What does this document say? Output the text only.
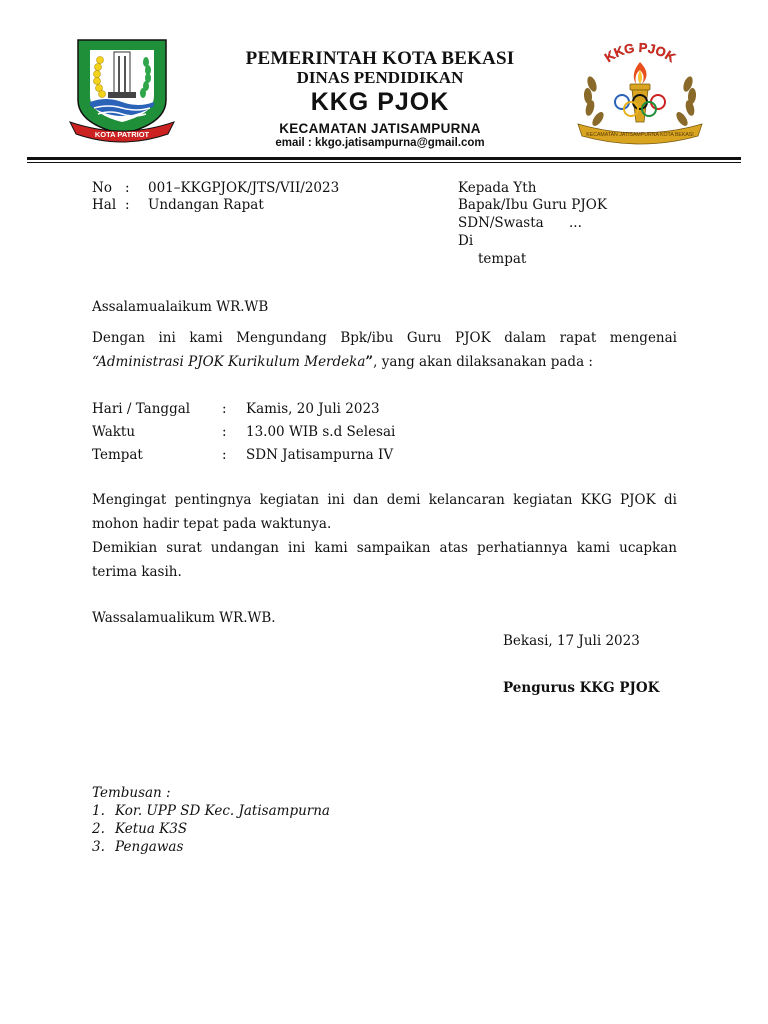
KOTA PATRIOT
KKG PJOK
KECAMATAN JATISAMPURNA KOTA BEKASI
PEMERINTAH KOTA BEKASI
DINAS PENDIDIKAN
KKG PJOK
KECAMATAN JATISAMPURNA
email : kkgo.jatisampurna@gmail.com
No : 001–KKGPJOK/JTS/VII/2023
Hal : Undangan Rapat
Kepada Yth
Bapak/Ibu Guru PJOK
SDN/Swasta ...
Di
tempat
Assalamualaikum WR.WB
Dengan ini kami Mengundang Bpk/ibu Guru PJOK dalam rapat mengenai “Administrasi PJOK Kurikulum Merdeka”, yang akan dilaksanakan pada :
Hari / Tanggal : Kamis, 20 Juli 2023
Waktu	: 13.00 WIB s.d Selesai
Tempat	: SDN Jatisampurna IV
Mengingat pentingnya kegiatan ini dan demi kelancaran kegiatan KKG PJOK di mohon hadir tepat pada waktunya.
Demikian surat undangan ini kami sampaikan atas perhatiannya kami ucapkan terima kasih.
Wassalamualikum WR.WB.
Bekasi, 17 Juli 2023
Pengurus KKG PJOK
Tembusan :
1. Kor. UPP SD Kec. Jatisampurna
2. Ketua K3S
3. Pengawas
